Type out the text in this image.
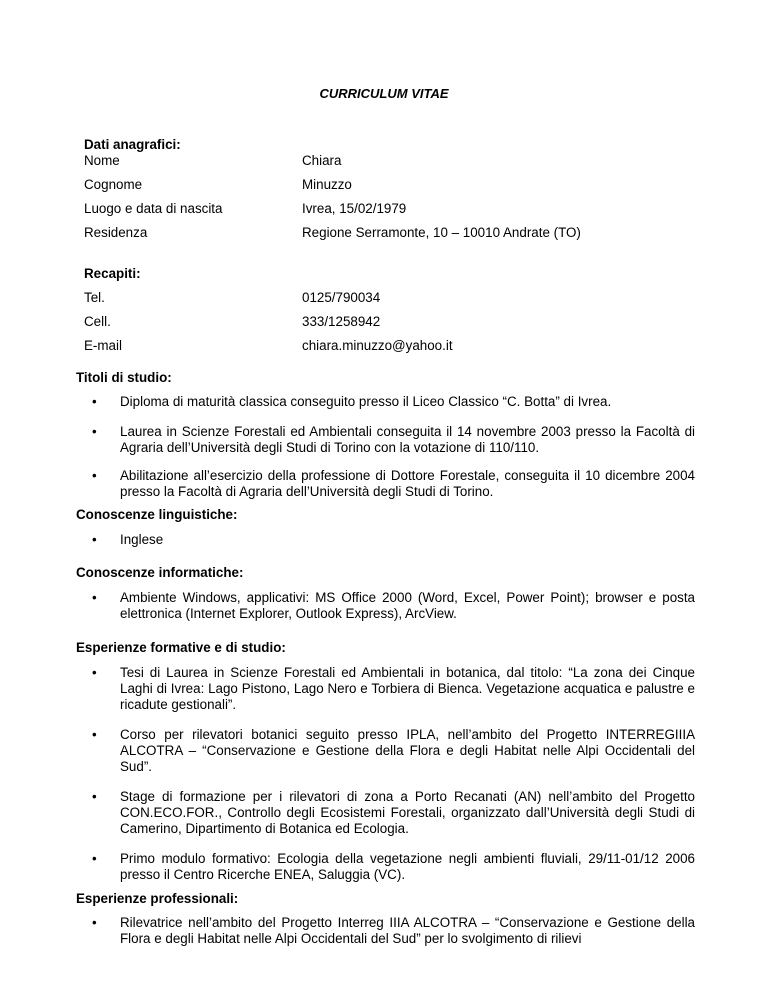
CURRICULUM VITAE
Dati anagrafici:
Nome	Chiara
Cognome	Minuzzo
Luogo e data di nascita	Ivrea, 15/02/1979
Residenza	Regione Serramonte, 10 – 10010 Andrate (TO)
Recapiti:
Tel.	0125/790034
Cell.	333/1258942
E-mail	chiara.minuzzo@yahoo.it
Titoli di studio:
• Diploma di maturità classica conseguito presso il Liceo Classico “C. Botta” di Ivrea.
• Laurea in Scienze Forestali ed Ambientali conseguita il 14 novembre 2003 presso la Facoltà di Agraria dell’Università degli Studi di Torino con la votazione di 110/110.
• Abilitazione all’esercizio della professione di Dottore Forestale, conseguita il 10 dicembre 2004 presso la Facoltà di Agraria dell’Università degli Studi di Torino.
Conoscenze linguistiche:
• Inglese
Conoscenze informatiche:
• Ambiente Windows, applicativi: MS Office 2000 (Word, Excel, Power Point); browser e posta elettronica (Internet Explorer, Outlook Express), ArcView.
Esperienze formative e di studio:
• Tesi di Laurea in Scienze Forestali ed Ambientali in botanica, dal titolo: “La zona dei Cinque Laghi di Ivrea: Lago Pistono, Lago Nero e Torbiera di Bienca. Vegetazione acquatica e palustre e ricadute gestionali”.
• Corso per rilevatori botanici seguito presso IPLA, nell’ambito del Progetto INTERREGIIIA ALCOTRA – “Conservazione e Gestione della Flora e degli Habitat nelle Alpi Occidentali del Sud”.
• Stage di formazione per i rilevatori di zona a Porto Recanati (AN) nell’ambito del Progetto CON.ECO.FOR., Controllo degli Ecosistemi Forestali, organizzato dall’Università degli Studi di Camerino, Dipartimento di Botanica ed Ecologia.
• Primo modulo formativo: Ecologia della vegetazione negli ambienti fluviali, 29/11-01/12 2006 presso il Centro Ricerche ENEA, Saluggia (VC).
Esperienze professionali:
• Rilevatrice nell’ambito del Progetto Interreg IIIA ALCOTRA – “Conservazione e Gestione della Flora e degli Habitat nelle Alpi Occidentali del Sud” per lo svolgimento di rilievi
